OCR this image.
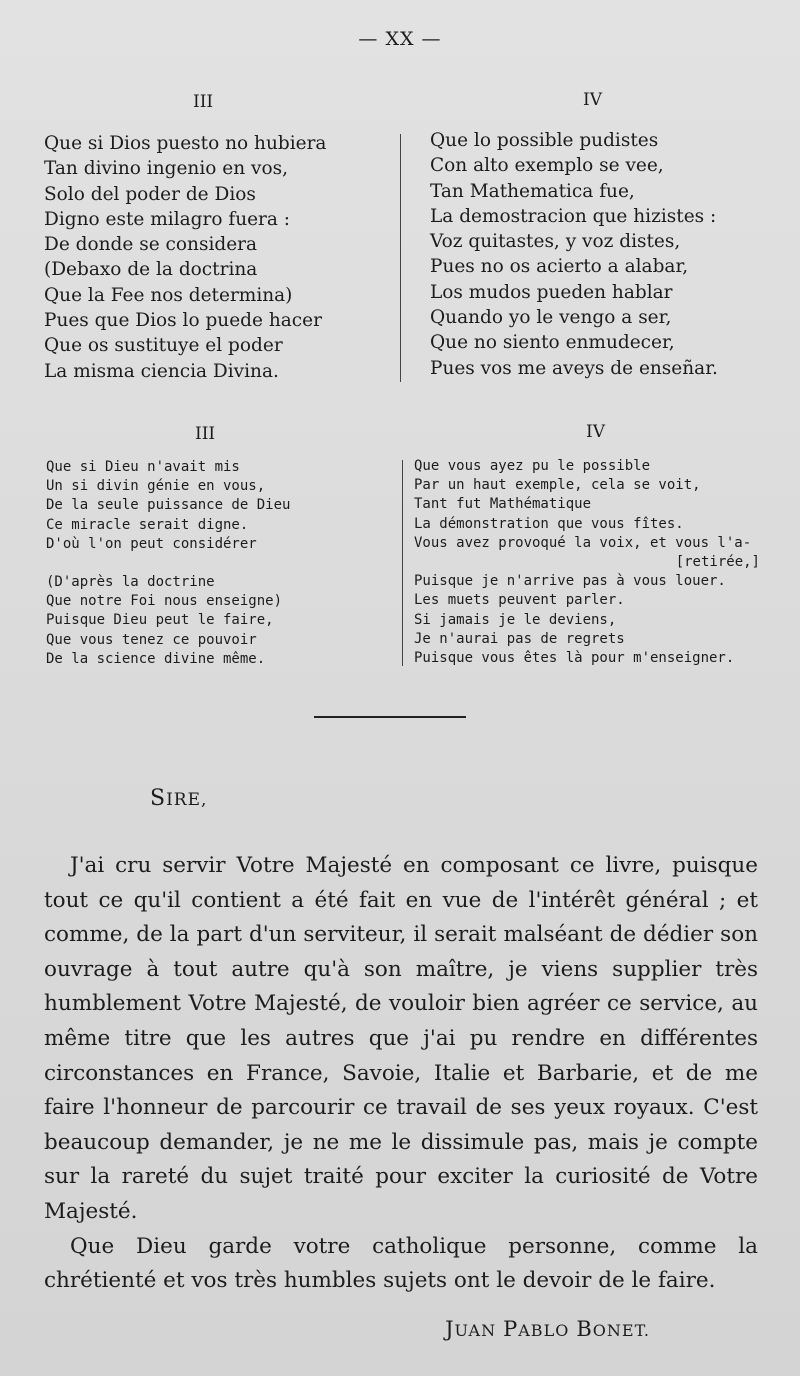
— XX —
III
Que si Dios puesto no hubiera
Tan divino ingenio en vos,
Solo del poder de Dios
Digno este milagro fuera :
De donde se considera
(Debaxo de la doctrina
Que la Fee nos determina)
Pues que Dios lo puede hacer
Que os sustituye el poder
La misma ciencia Divina.
IV
Que lo possible pudistes
Con alto exemplo se vee,
Tan Mathematica fue,
La demostracion que hizistes :
Voz quitastes, y voz distes,
Pues no os acierto a alabar,
Los mudos pueden hablar
Quando yo le vengo a ser,
Que no siento enmudecer,
Pues vos me aveys de enseñar.
III
Que si Dieu n'avait mis
Un si divin génie en vous,
De la seule puissance de Dieu
Ce miracle serait digne.
D'où l'on peut considérer
(D'après la doctrine
Que notre Foi nous enseigne)
Puisque Dieu peut le faire,
Que vous tenez ce pouvoir
De la science divine même.
IV
Que vous ayez pu le possible
Par un haut exemple, cela se voit,
Tant fut Mathématique
La démonstration que vous fîtes.
Vous avez provoqué la voix, et vous l'a-
[retirée,]
Puisque je n'arrive pas à vous louer.
Les muets peuvent parler.
Si jamais je le deviens,
Je n'aurai pas de regrets
Puisque vous êtes là pour m'enseigner.
SIRE,

J'ai cru servir Votre Majesté en composant ce livre, puisque tout ce qu'il contient a été fait en vue de l'intérêt général ; et comme, de la part d'un serviteur, il serait malséant de dédier son ouvrage à tout autre qu'à son maître, je viens supplier très humblement Votre Majesté, de vouloir bien agréer ce service, au même titre que les autres que j'ai pu rendre en différentes circonstances en France, Savoie, Italie et Barbarie, et de me faire l'honneur de parcourir ce travail de ses yeux royaux. C'est beaucoup demander, je ne me le dissimule pas, mais je compte sur la rareté du sujet traité pour exciter la curiosité de Votre Majesté.

Que Dieu garde votre catholique personne, comme la chrétienté et vos très humbles sujets ont le devoir de le faire.

JUAN PABLO BONET.
